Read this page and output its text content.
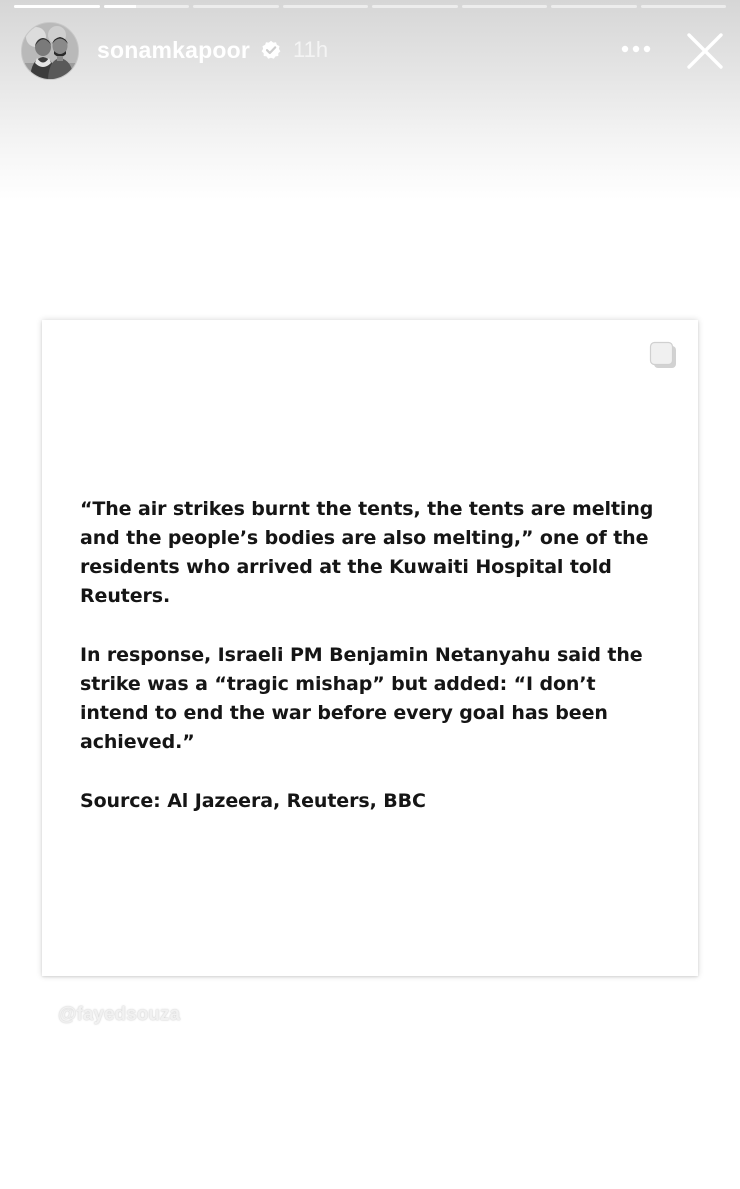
sonamkapoor 11h

“The air strikes burnt the tents, the tents are melting and the people’s bodies are also melting,” one of the residents who arrived at the Kuwaiti Hospital told Reuters.

In response, Israeli PM Benjamin Netanyahu said the strike was a “tragic mishap” but added: “I don’t intend to end the war before every goal has been achieved.”

Source: Al Jazeera, Reuters, BBC

@fayedsouza
